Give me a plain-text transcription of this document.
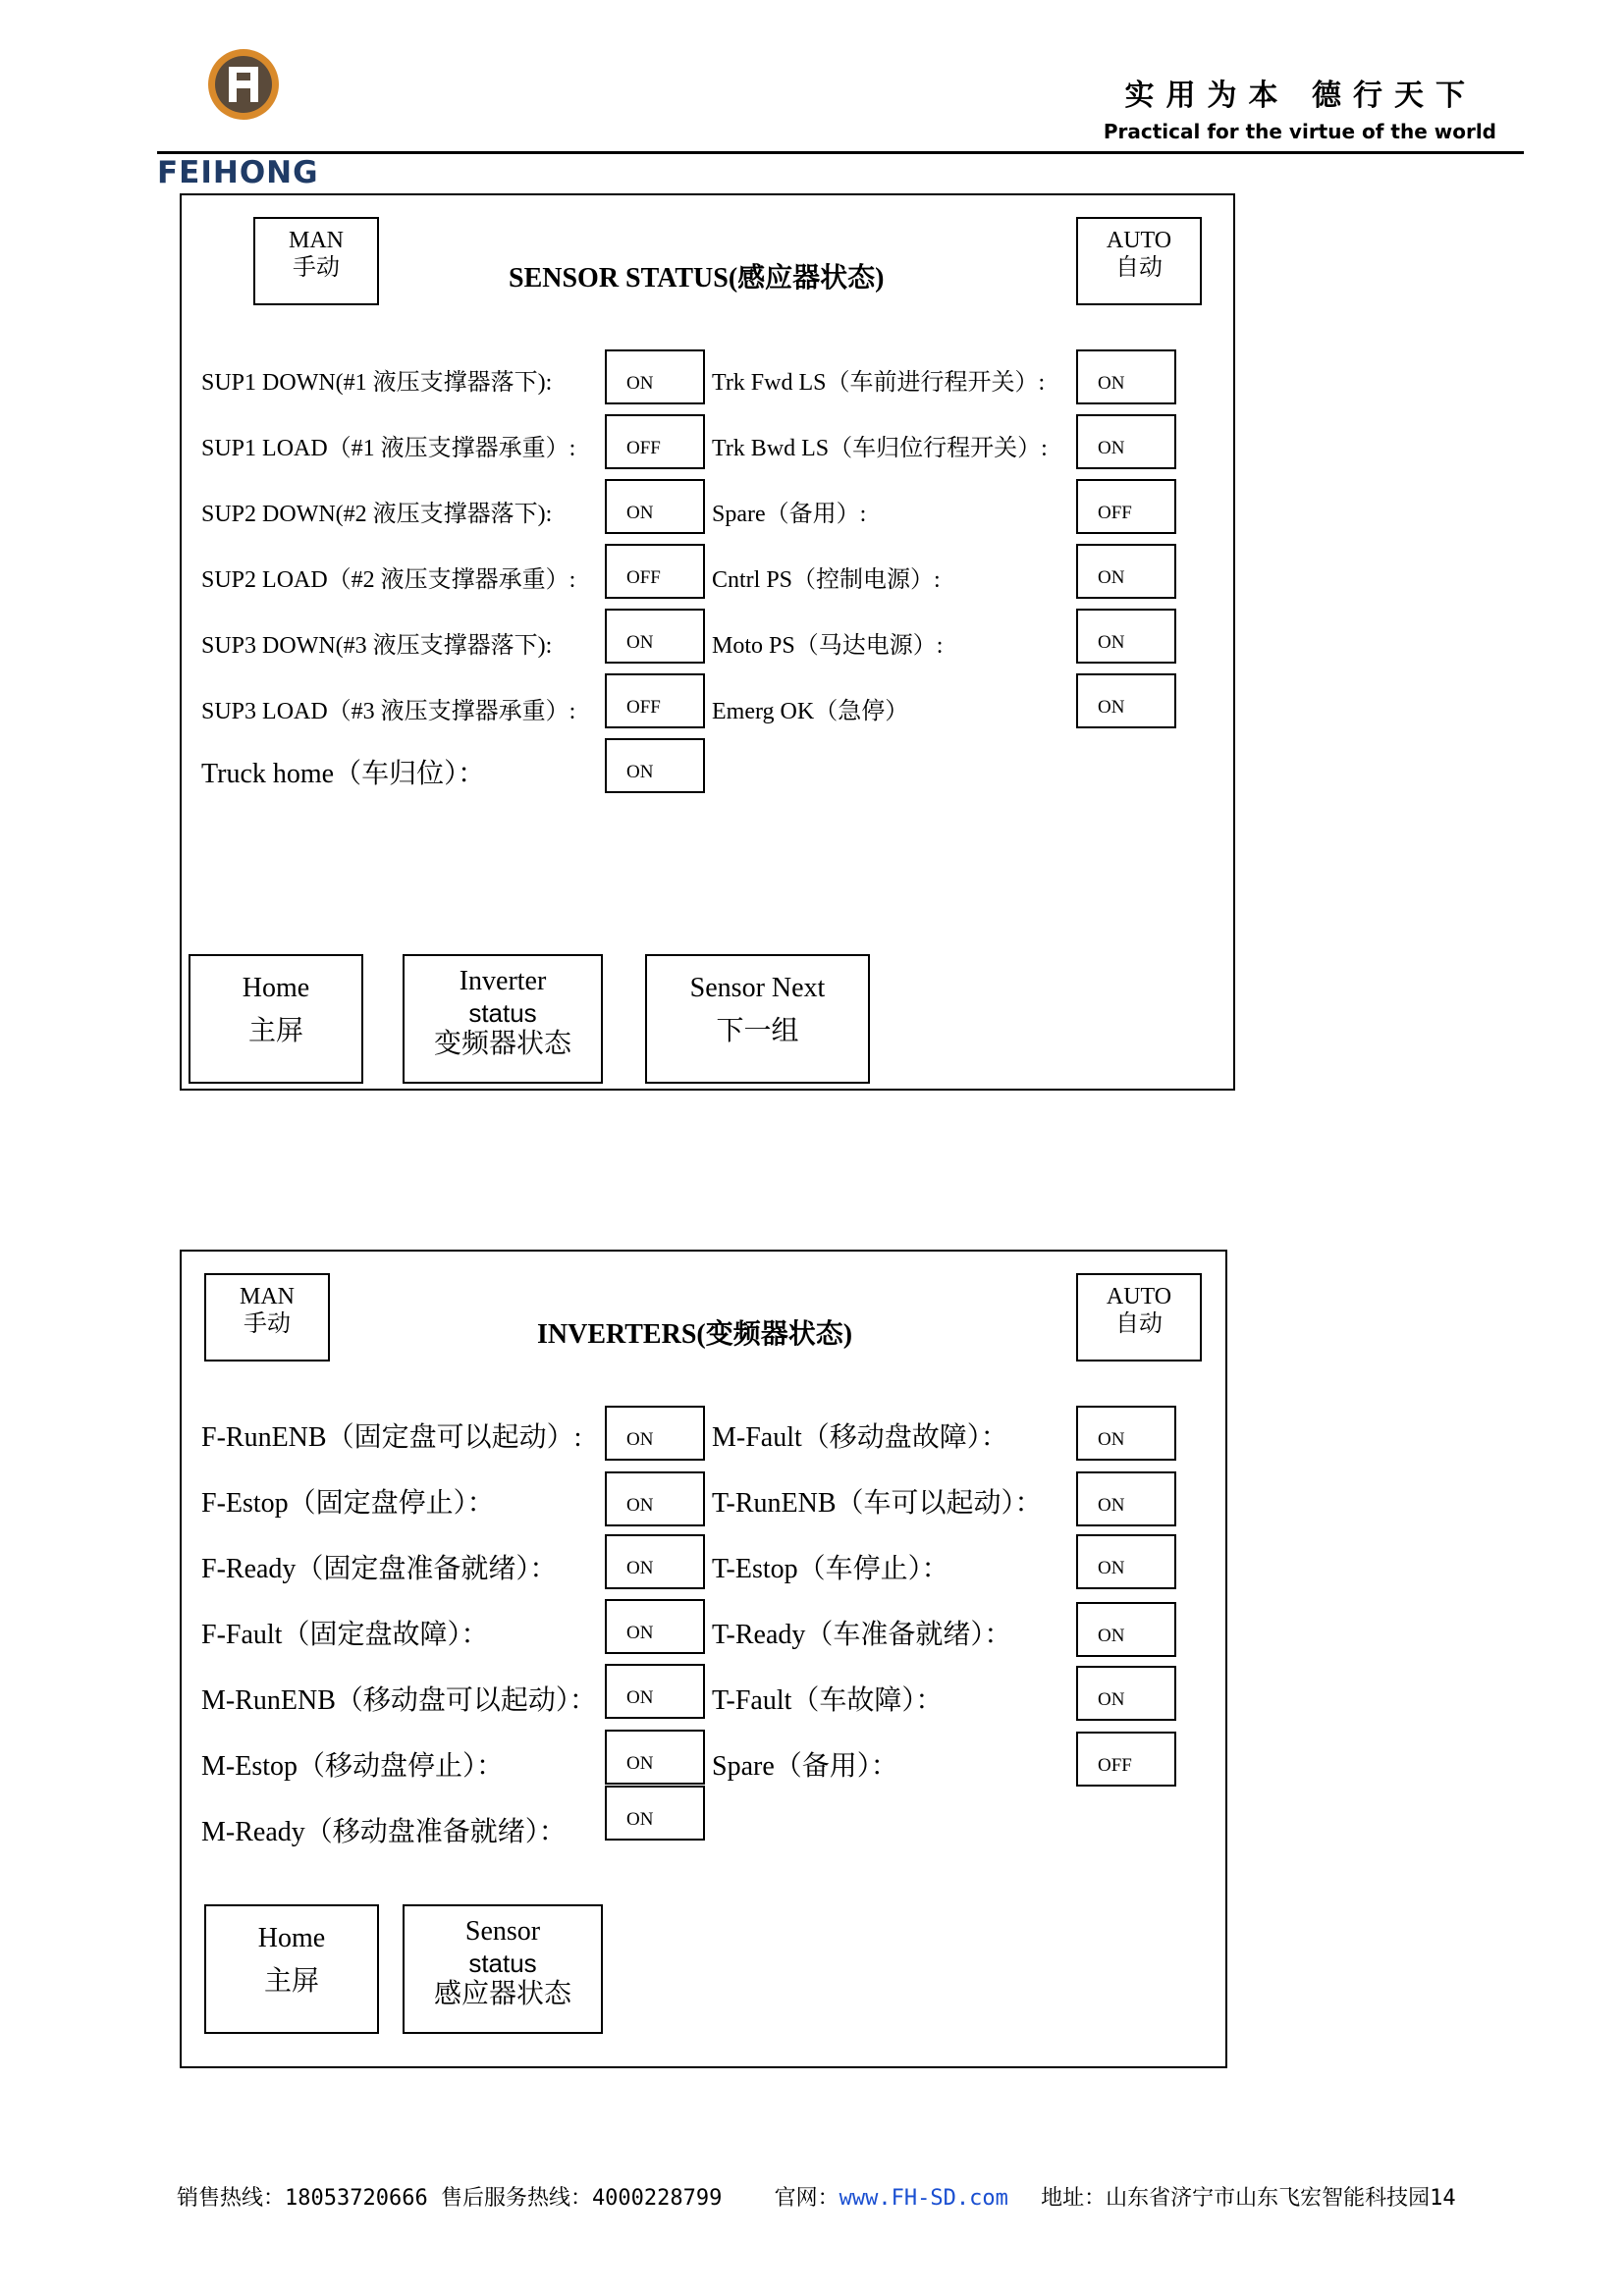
FEIHONG
实用为本 德行天下
Practical for the virtue of the world
MAN
手动	SENSOR STATUS(感应器状态)
AUTO
自动
SUP1 DOWN(#1 液压支撑器落下):	ON
SUP1 LOAD（#1 液压支撑器承重）:	OFF
SUP2 DOWN(#2 液压支撑器落下):	ON
SUP2 LOAD（#2 液压支撑器承重）:	OFF
SUP3 DOWN(#3 液压支撑器落下):	ON
SUP3 LOAD（#3 液压支撑器承重）:	OFF
Truck home（车归位）：	ON
Trk Fwd LS（车前进行程开关）:	ON
Trk Bwd LS（车归位行程开关）:	ON
Spare（备用）:	OFF
Cntrl PS（控制电源）:	ON
Moto PS（马达电源）:	ON
Emerg OK（急停）	ON
Home
主屏
Inverter
status
变频器状态
Sensor Next
下一组
MAN
手动	INVERTERS(变频器状态)
AUTO
自动
F-RunENB（固定盘可以起动）:	ON
F-Estop（固定盘停止）：	ON
F-Ready（固定盘准备就绪）：	ON
F-Fault（固定盘故障）：	ON
M-RunENB（移动盘可以起动）：	ON
M-Estop（移动盘停止）：	ON
M-Ready（移动盘准备就绪）：	ON
M-Fault（移动盘故障）：	ON
T-RunENB（车可以起动）：	ON
T-Estop（车停止）：	ON
T-Ready（车准备就绪）：	ON
T-Fault（车故障）：	ON
Spare（备用）：	OFF
Home
主屏
Sensor
status
感应器状态
销售热线：18053720666 售后服务热线：4000228799 官网：www.FH-SD.com 地址：山东省济宁市山东飞宏智能科技园14
